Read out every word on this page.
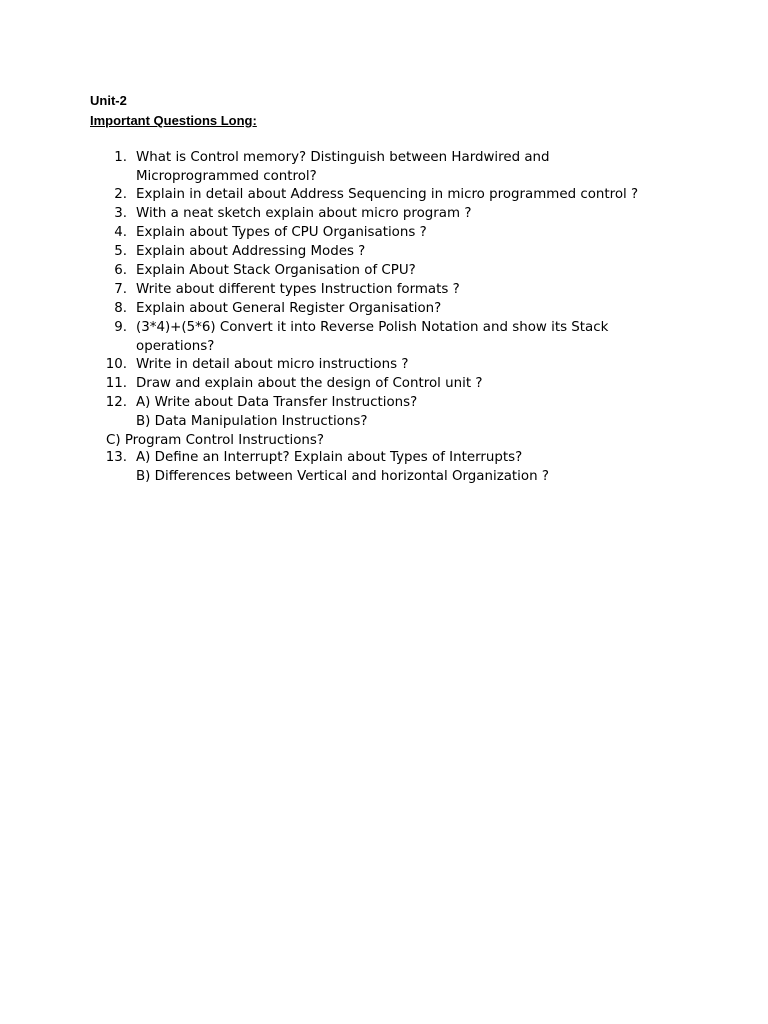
Unit-2
Important Questions Long:
1. What is Control memory? Distinguish between Hardwired and
Microprogrammed control?
2. Explain in detail about Address Sequencing in micro programmed control ?
3. With a neat sketch explain about micro program ?
4. Explain about Types of CPU Organisations ?
5. Explain about Addressing Modes ?
6. Explain About Stack Organisation of CPU?
7. Write about different types Instruction formats ?
8. Explain about General Register Organisation?
9. (3*4)+(5*6) Convert it into Reverse Polish Notation and show its Stack
operations?
10. Write in detail about micro instructions ?
11. Draw and explain about the design of Control unit ?
12. A) Write about Data Transfer Instructions?
B) Data Manipulation Instructions?
C) Program Control Instructions?
13. A) Define an Interrupt? Explain about Types of Interrupts?
B) Differences between Vertical and horizontal Organization ?
